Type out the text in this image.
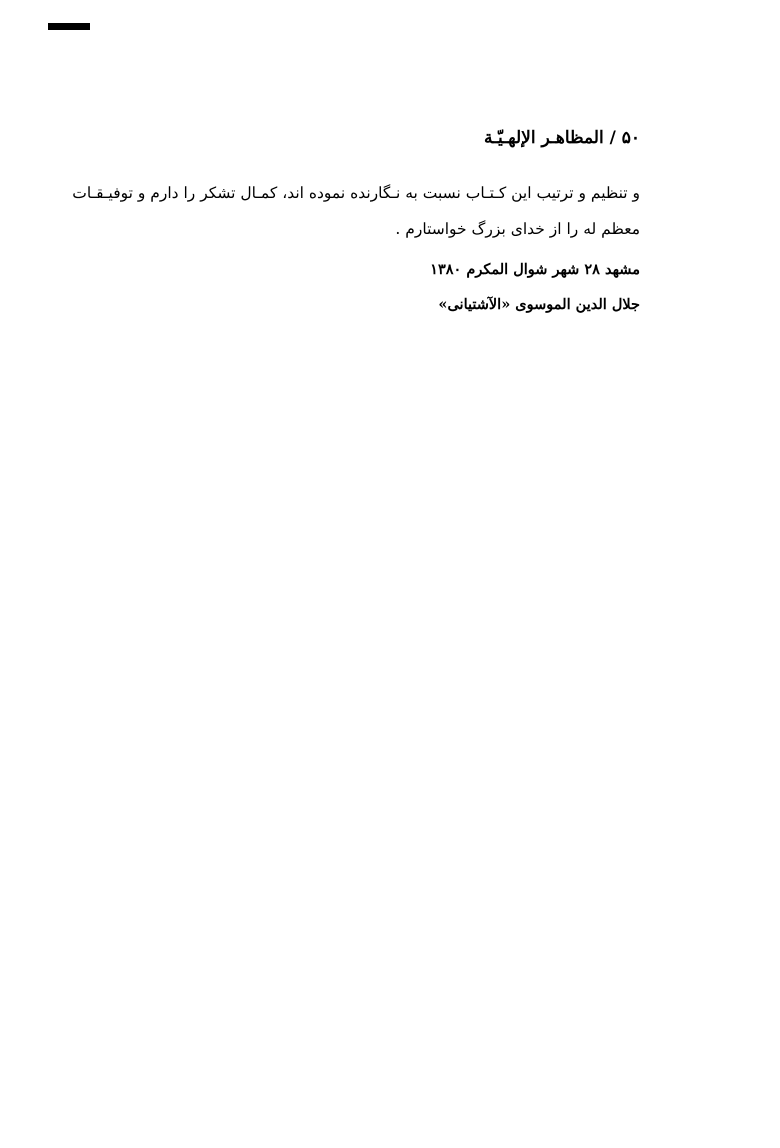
۵۰ / المظاهـر الإلهـيّـة
و تنظیم و ترتیب این کـتـاب نسبت به نـگارنده نموده اند، کمـال تشکر را دارم و توفیـقـات
معظم له را از خدای بزرگ خواستارم .
مشهد ۲۸ شهر شوال المکرم ۱۳۸۰
جلال الدین الموسوی «الآشتیانی»
